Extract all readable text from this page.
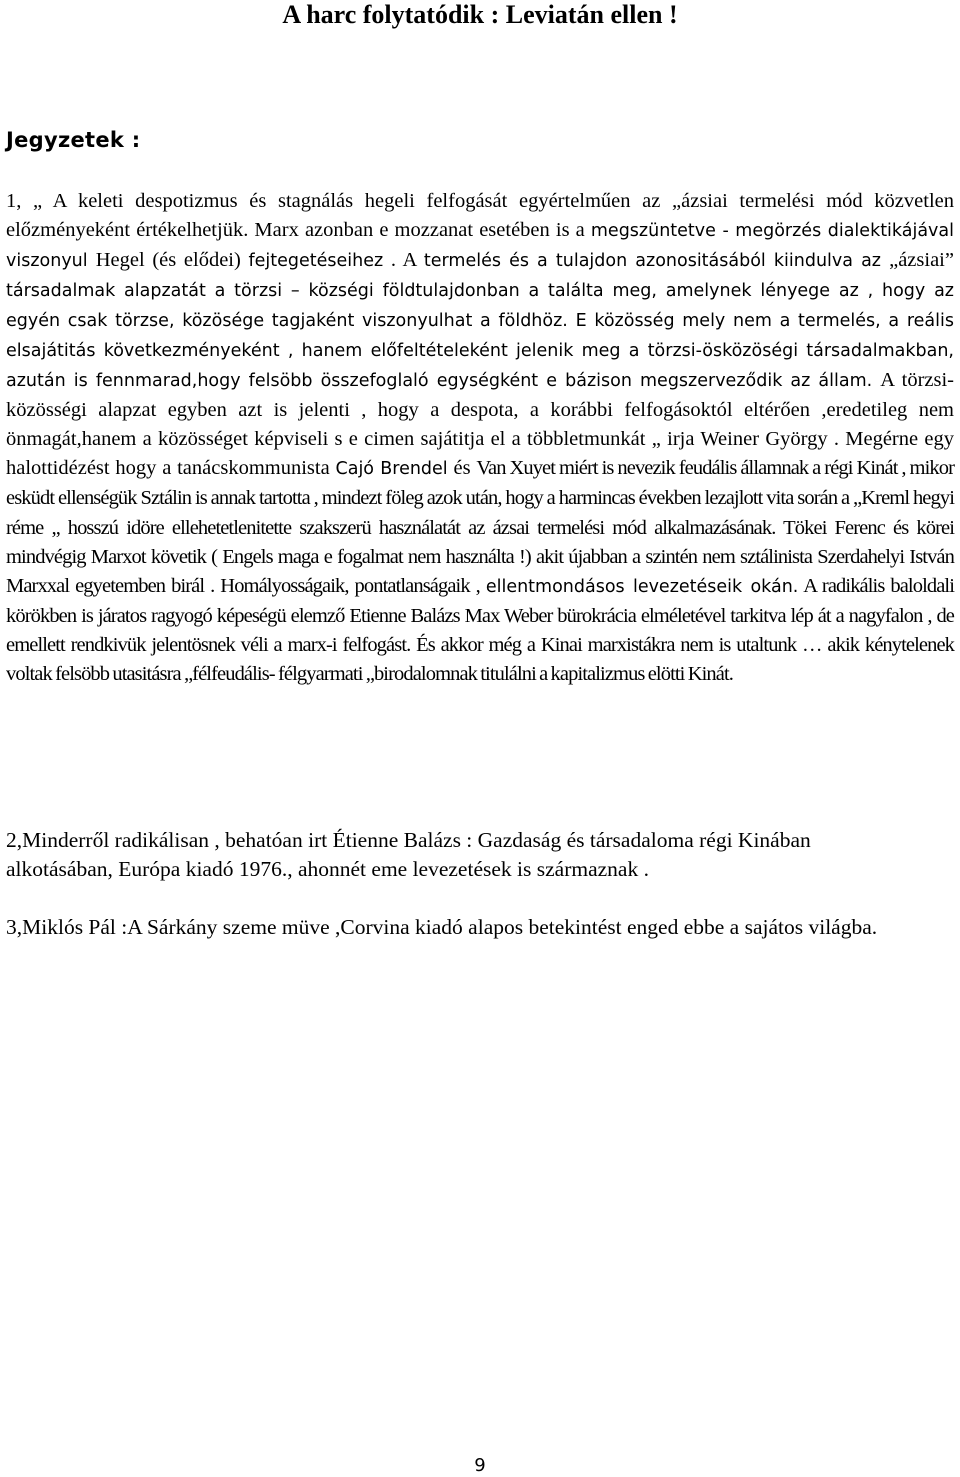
A harc folytatódik : Leviatán ellen !
Jegyzetek :

1, „ A keleti despotizmus és stagnálás hegeli felfogását egyértelműen az „ázsiai termelési mód közvetlen előzményeként értékelhetjük. Marx azonban e mozzanat esetében is a megszüntetve - megörzés dialektikájával viszonyul Hegel (és elődei) fejtegetéseihez . A termelés és a tulajdon azonositásából kiindulva az „ázsiai” társadalmak alapzatát a törzsi – községi földtulajdonban a találta meg, amelynek lényege az , hogy az egyén csak törzse, közösége tagjaként viszonyulhat a földhöz. E közösség mely nem a termelés, a reális elsajátitás következményeként , hanem előfeltételeként jelenik meg a törzsi-ösközöségi társadalmakban, azután is fennmarad,hogy felsöbb összefoglaló egységként e bázison megszerveződik az állam. A törzsi-közösségi alapzat egyben azt is jelenti , hogy a despota, a korábbi felfogásoktól eltérően ,eredetileg nem önmagát,hanem a közösséget képviseli s e cimen sajátitja el a többletmunkát „ irja Weiner György . Megérne egy halottidézést hogy a tanácskommunista Cajó Brendel és Van Xuyet miért is nevezik feudális államnak a régi Kinát , mikor esküdt ellenségük Sztálin is annak tartotta , mindezt föleg azok után, hogy a harmincas években lezajlott vita során a „Kreml hegyi réme „ hosszú idöre ellehetetlenitette szakszerü használatát az ázsai termelési mód alkalmazásának. Tökei Ferenc és körei mindvégig Marxot követik ( Engels maga e fogalmat nem használta !) akit újabban a szintén nem sztálinista Szerdahelyi István Marxxal egyetemben birál . Homályosságaik, pontatlanságaik , ellentmondásos levezetéseik okán. A radikális baloldali körökben is járatos ragyogó képeségü elemző Etienne Balázs Max Weber bürokrácia elméletével tarkitva lép át a nagyfalon , de emellett rendkivük jelentösnek véli a marx-i felfogást. És akkor még a Kinai marxistákra nem is utaltunk … akik kénytelenek voltak felsöbb utasitásra „félfeudális- félgyarmati „birodalomnak titulálni a kapitalizmus elötti Kinát.

2,Minderről radikálisan , behatóan irt Étienne Balázs : Gazdaság és társadaloma régi Kinában alkotásában, Európa kiadó 1976., ahonnét eme levezetések is származnak .

3,Miklós Pál :A Sárkány szeme müve ,Corvina kiadó alapos betekintést enged ebbe a sajátos világba.

9
